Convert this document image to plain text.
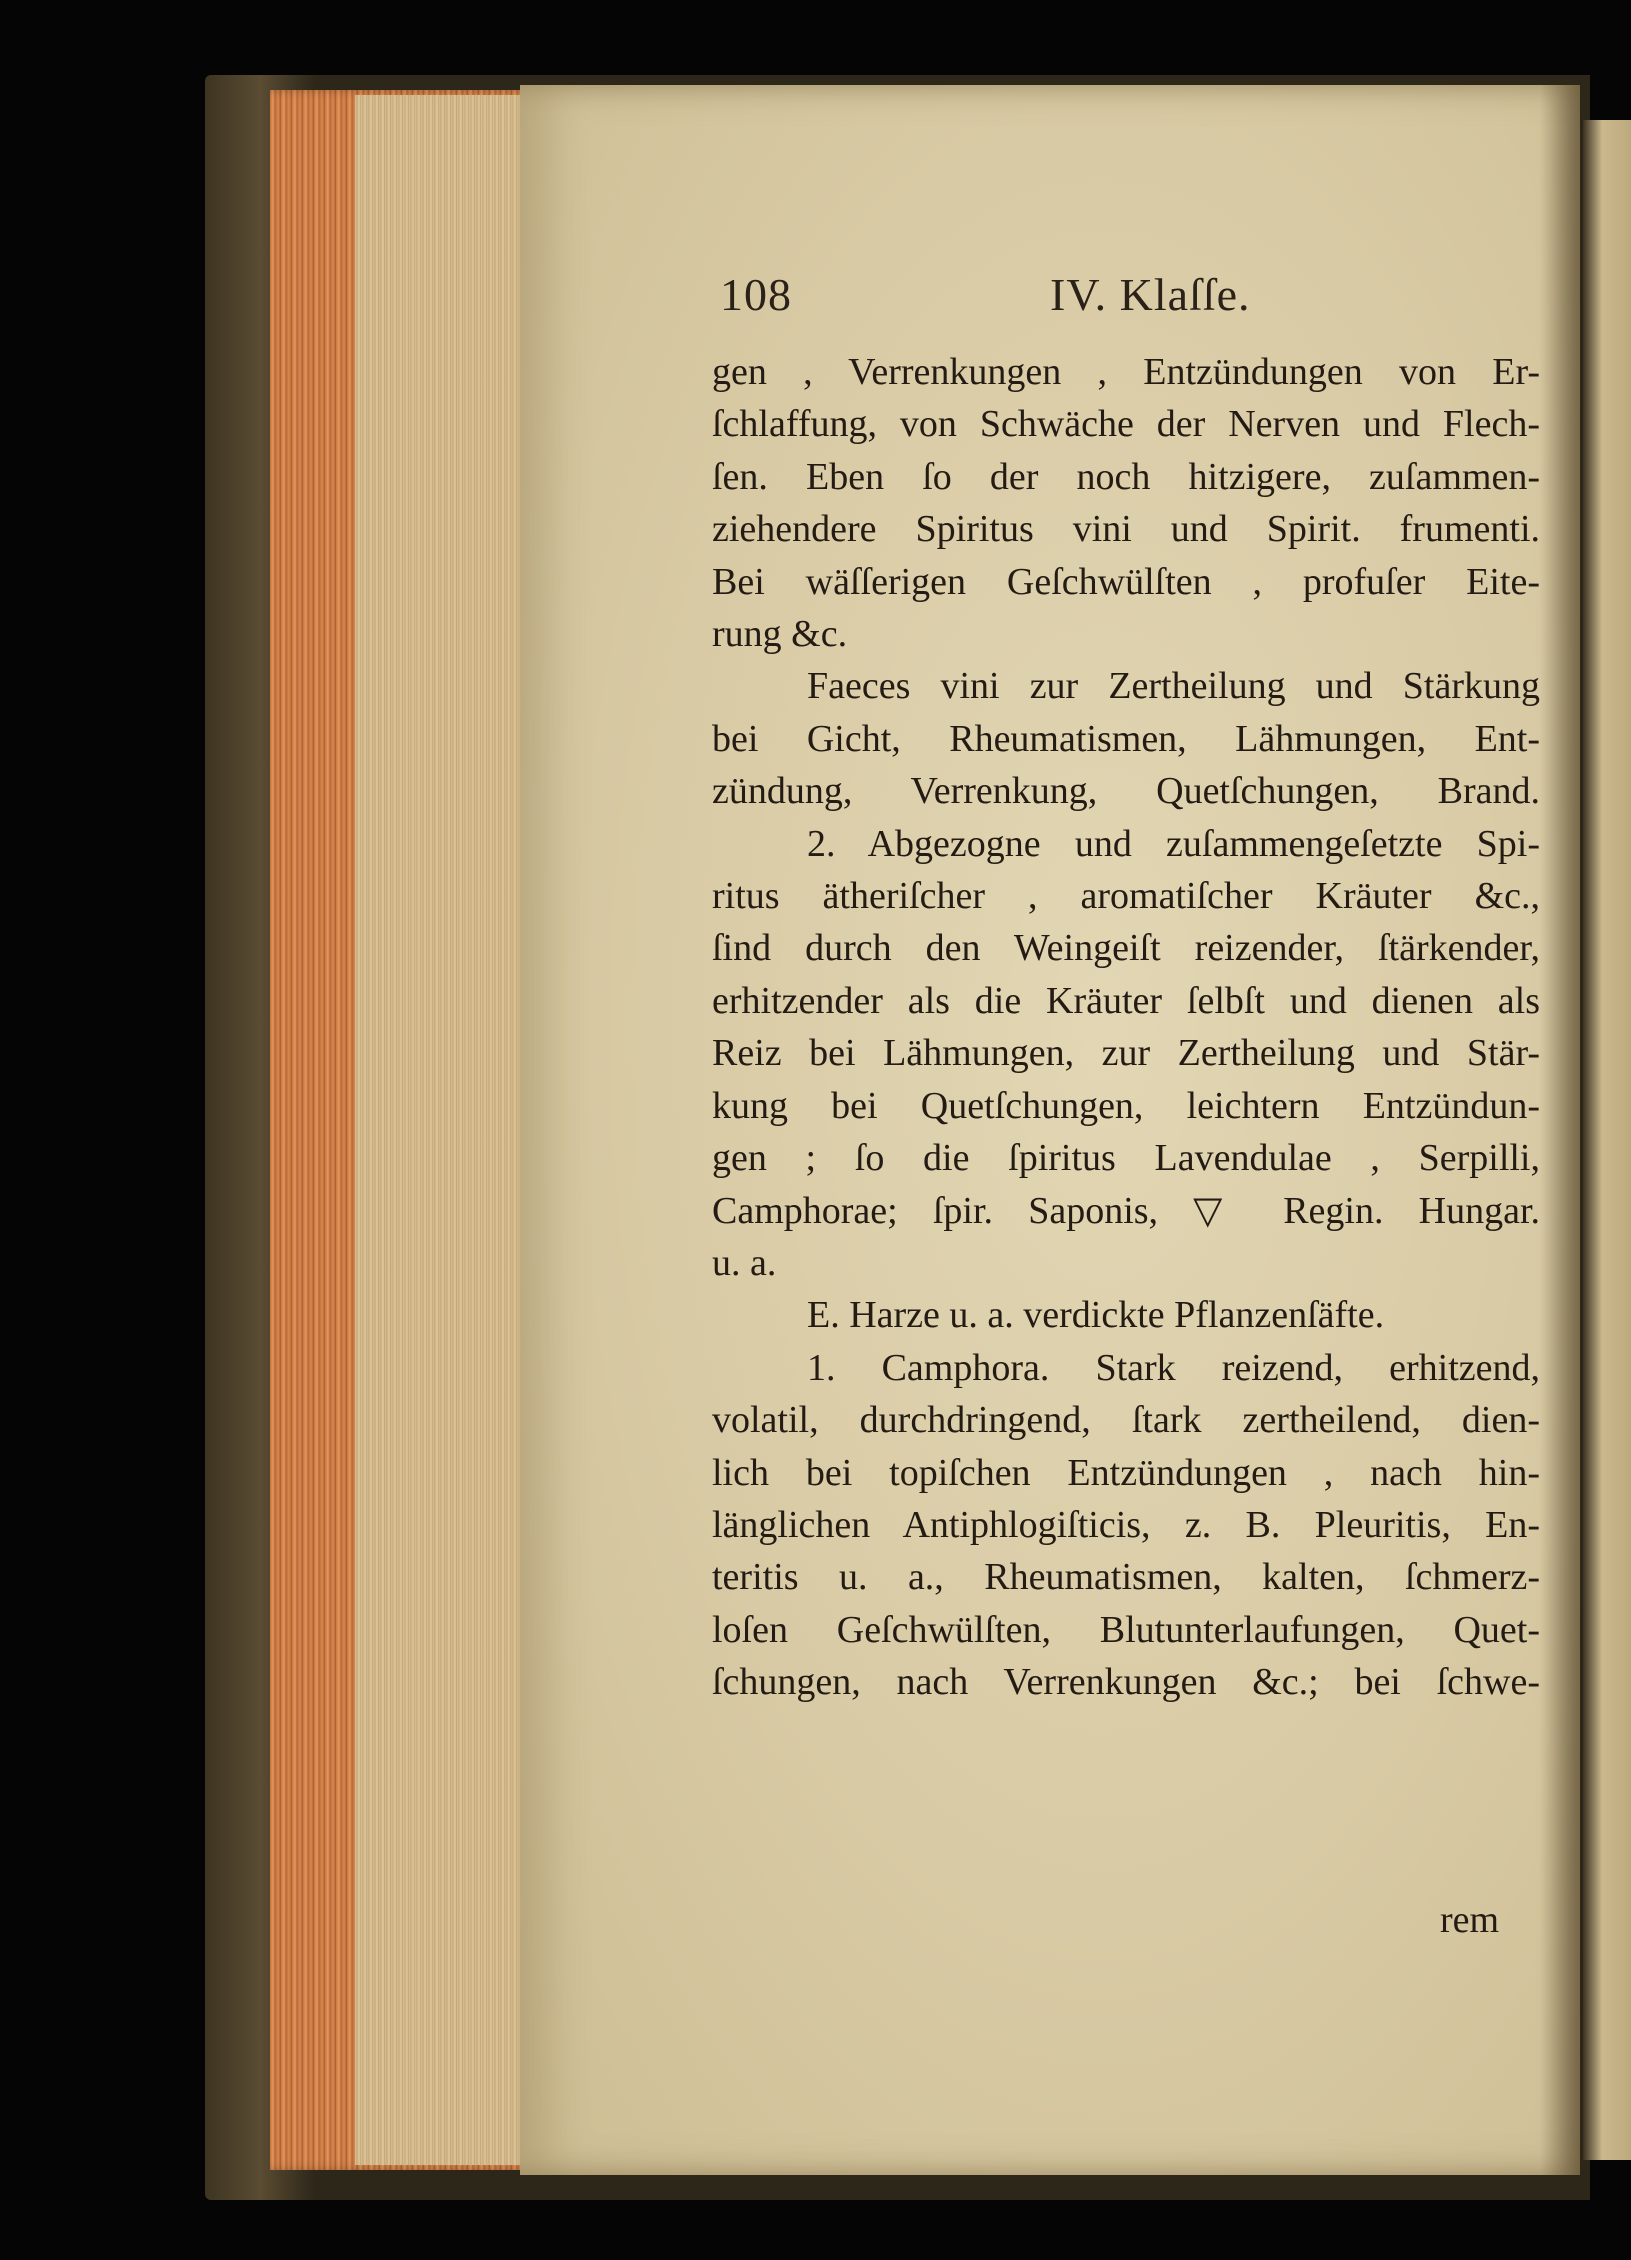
108	IV. Klaſſe.
gen , Verrenkungen , Entzündungen von Er-
ſchlaffung, von Schwäche der Nerven und Flech-
ſen. Eben ſo der noch hitzigere, zuſammen-
ziehendere Spiritus vini und Spirit. frumenti.
Bei wäſſerigen Geſchwülſten , profuſer Eite-
rung &c.
Faeces vini zur Zertheilung und Stärkung
bei Gicht, Rheumatismen, Lähmungen, Ent-
zündung, Verrenkung, Quetſchungen, Brand.
2. Abgezogne und zuſammengeſetzte Spi-
ritus ätheriſcher , aromatiſcher Kräuter &c.,
ſind durch den Weingeiſt reizender, ſtärkender,
erhitzender als die Kräuter ſelbſt und dienen als
Reiz bei Lähmungen, zur Zertheilung und Stär-
kung bei Quetſchungen, leichtern Entzündun-
gen ; ſo die ſpiritus Lavendulae , Serpilli,
Camphorae; ſpir. Saponis, ▽ Regin. Hungar.
u. a.
E. Harze u. a. verdickte Pflanzenſäfte.
1. Camphora. Stark reizend, erhitzend,
volatil, durchdringend, ſtark zertheilend, dien-
lich bei topiſchen Entzündungen , nach hin-
länglichen Antiphlogiſticis, z. B. Pleuritis, En-
teritis u. a., Rheumatismen, kalten, ſchmerz-
loſen Geſchwülſten, Blutunterlaufungen, Quet-
ſchungen, nach Verrenkungen &c.; bei ſchwe-
rem
